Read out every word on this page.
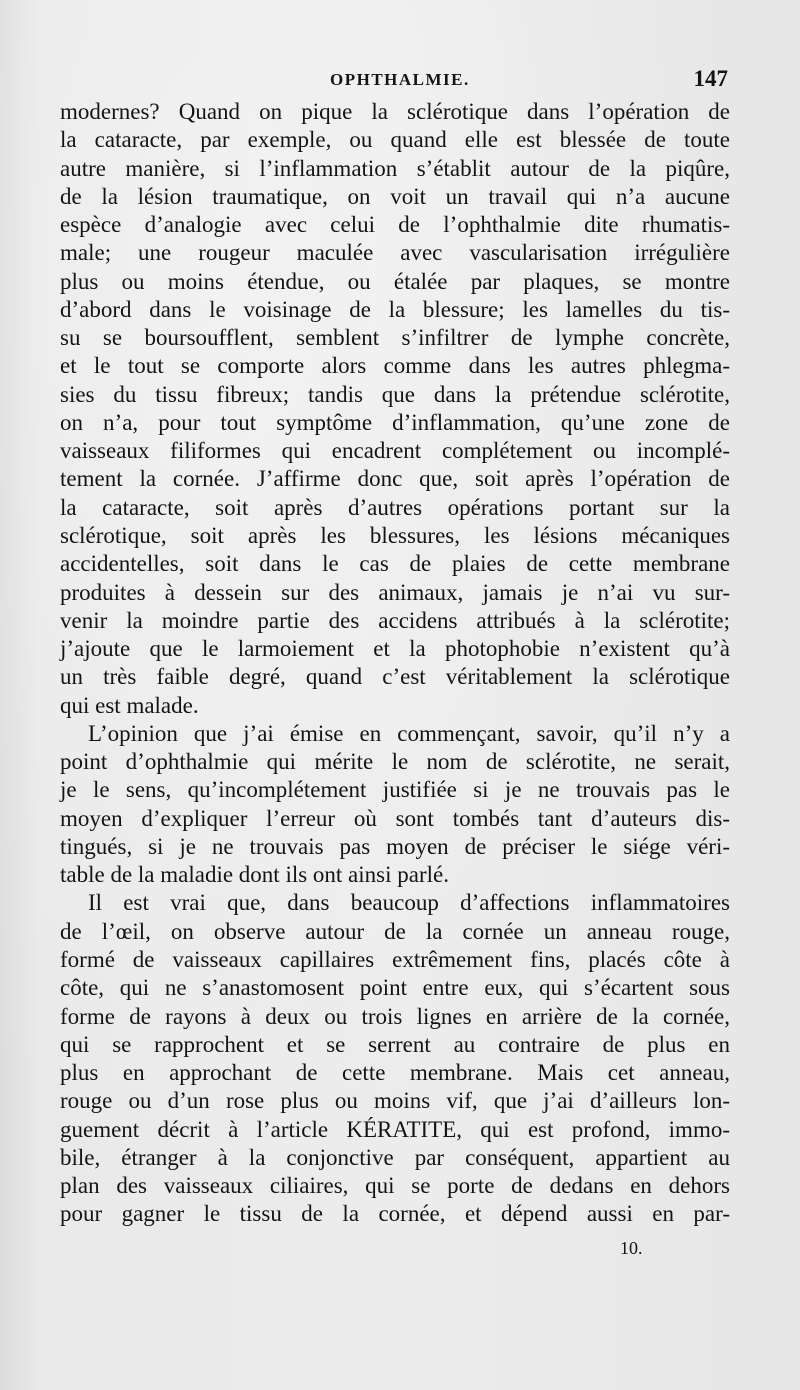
OPHTHALMIE.	147
modernes? Quand on pique la sclérotique dans l’opération de
la cataracte, par exemple, ou quand elle est blessée de toute
autre manière, si l’inflammation s’établit autour de la piqûre,
de la lésion traumatique, on voit un travail qui n’a aucune
espèce d’analogie avec celui de l’ophthalmie dite rhumatis-
male; une rougeur maculée avec vascularisation irrégulière
plus ou moins étendue, ou étalée par plaques, se montre
d’abord dans le voisinage de la blessure; les lamelles du tis-
su se boursoufflent, semblent s’infiltrer de lymphe concrète,
et le tout se comporte alors comme dans les autres phlegma-
sies du tissu fibreux; tandis que dans la prétendue sclérotite,
on n’a, pour tout symptôme d’inflammation, qu’une zone de
vaisseaux filiformes qui encadrent complétement ou incomplé-
tement la cornée. J’affirme donc que, soit après l’opération de
la cataracte, soit après d’autres opérations portant sur la
sclérotique, soit après les blessures, les lésions mécaniques
accidentelles, soit dans le cas de plaies de cette membrane
produites à dessein sur des animaux, jamais je n’ai vu sur-
venir la moindre partie des accidens attribués à la sclérotite;
j’ajoute que le larmoiement et la photophobie n’existent qu’à
un très faible degré, quand c’est véritablement la sclérotique
qui est malade.
L’opinion que j’ai émise en commençant, savoir, qu’il n’y a
point d’ophthalmie qui mérite le nom de sclérotite, ne serait,
je le sens, qu’incomplétement justifiée si je ne trouvais pas le
moyen d’expliquer l’erreur où sont tombés tant d’auteurs dis-
tingués, si je ne trouvais pas moyen de préciser le siége véri-
table de la maladie dont ils ont ainsi parlé.
Il est vrai que, dans beaucoup d’affections inflammatoires
de l’œil, on observe autour de la cornée un anneau rouge,
formé de vaisseaux capillaires extrêmement fins, placés côte à
côte, qui ne s’anastomosent point entre eux, qui s’écartent sous
forme de rayons à deux ou trois lignes en arrière de la cornée,
qui se rapprochent et se serrent au contraire de plus en
plus en approchant de cette membrane. Mais cet anneau,
rouge ou d’un rose plus ou moins vif, que j’ai d’ailleurs lon-
guement décrit à l’article KÉRATITE, qui est profond, immo-
bile, étranger à la conjonctive par conséquent, appartient au
plan des vaisseaux ciliaires, qui se porte de dedans en dehors
pour gagner le tissu de la cornée, et dépend aussi en par-
10.
